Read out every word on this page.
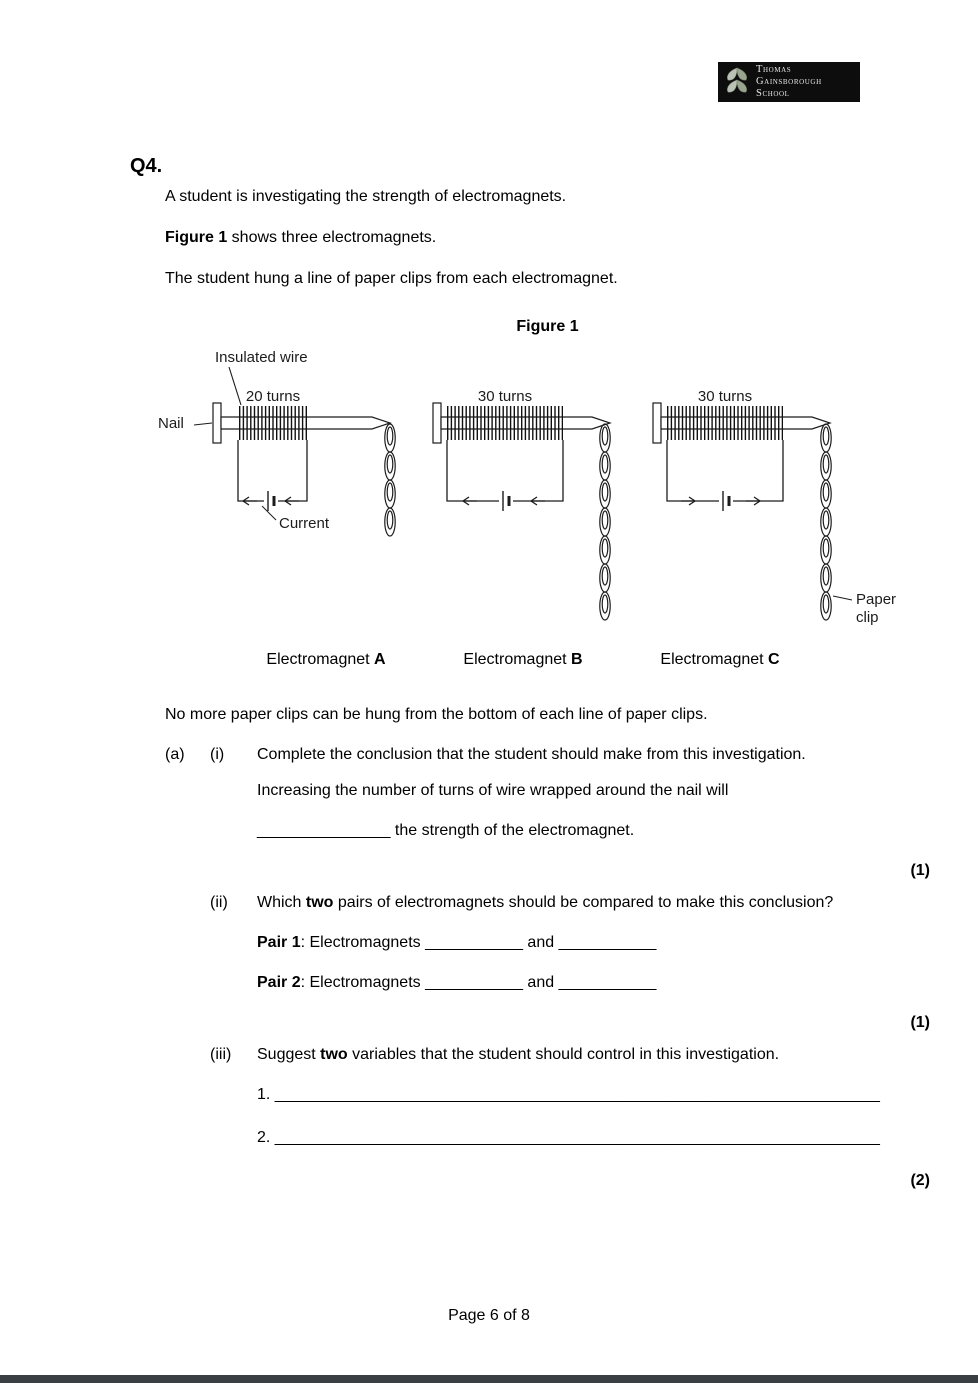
Thomas
Gainsborough
School
Q4.

A student is investigating the strength of electromagnets.

Figure 1 shows three electromagnets.

The student hung a line of paper clips from each electromagnet.

Figure 1
Insulated wire
Nail
20 turns
Current
30 turns	30 turns
Paper
clip
Electromagnet A	Electromagnet B	Electromagnet C

No more paper clips can be hung from the bottom of each line of paper clips.

(a)	(i)	Complete the conclusion that the student should make from this investigation.

Increasing the number of turns of wire wrapped around the nail will

_______________ the strength of the electromagnet.

(1)
(ii)	Which two pairs of electromagnets should be compared to make this conclusion?

Pair 1: Electromagnets ___________ and ___________

Pair 2: Electromagnets ___________ and ___________

(1)
(iii)	Suggest two variables that the student should control in this investigation.

1. ____________________________________________________________________

2. ____________________________________________________________________

(2)
Page 6 of 8
